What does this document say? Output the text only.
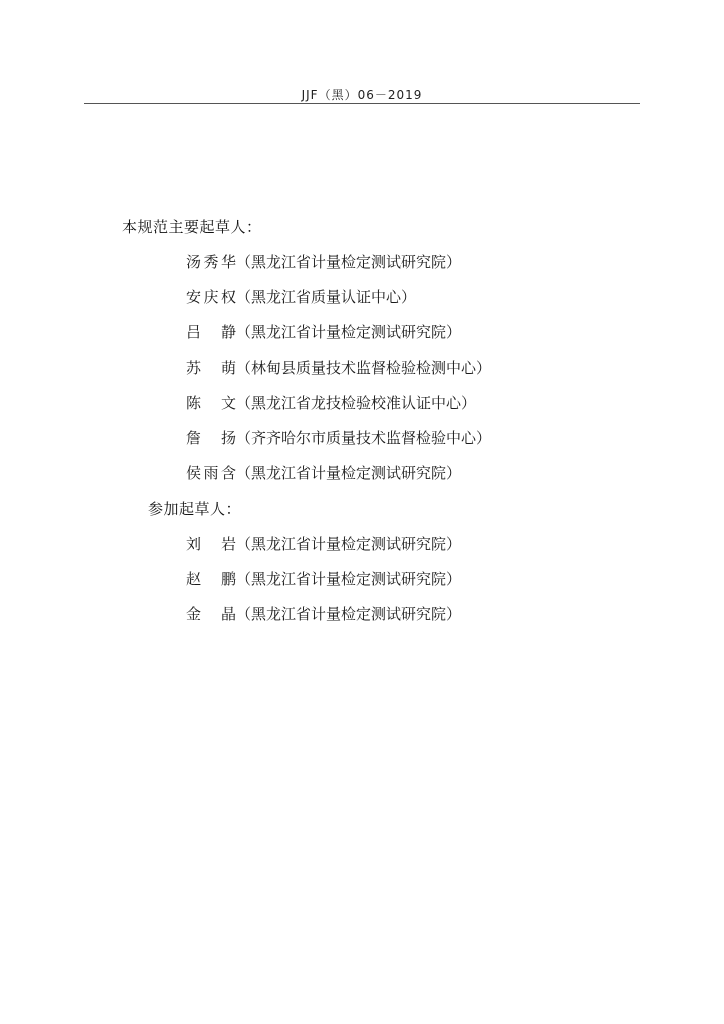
JJF（黑）06－2019
本规范主要起草人：
汤秀华（黑龙江省计量检定测试研究院）
安庆权（黑龙江省质量认证中心）
吕 静（黑龙江省计量检定测试研究院）
苏 萌（林甸县质量技术监督检验检测中心）
陈 文（黑龙江省龙技检验校准认证中心）
詹 扬（齐齐哈尔市质量技术监督检验中心）
侯雨含（黑龙江省计量检定测试研究院）
参加起草人：
刘 岩（黑龙江省计量检定测试研究院）
赵 鹏（黑龙江省计量检定测试研究院）
金 晶（黑龙江省计量检定测试研究院）
